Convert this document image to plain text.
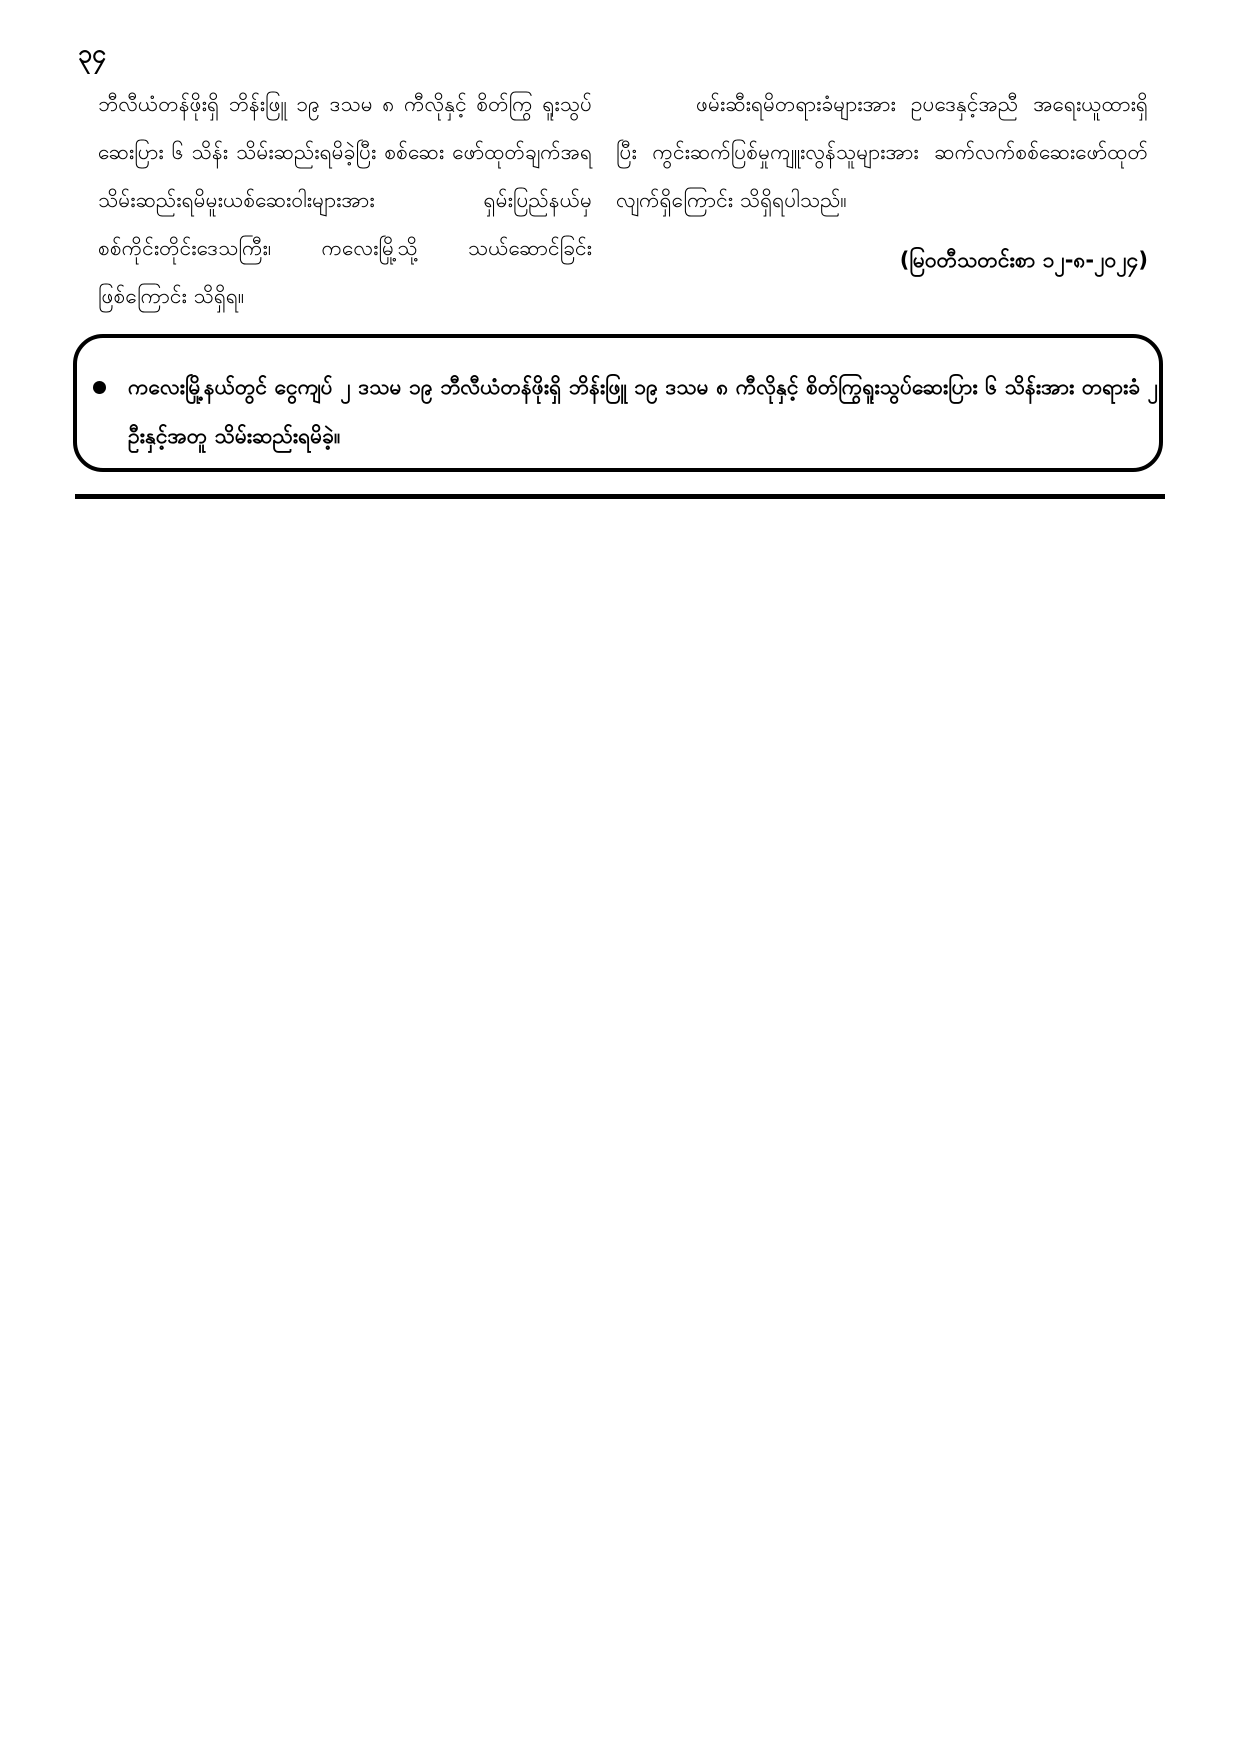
၃၄
ဘီလီယံတန်ဖိုးရှိ ဘိန်းဖြူ ၁၉ ဒသမ ၈ ကီလိုနှင့် စိတ်ကြွ ရူးသွပ်ဆေးပြား ၆ သိန်း သိမ်းဆည်းရမိခဲ့ပြီး စစ်ဆေး ဖော်ထုတ်ချက်အရ သိမ်းဆည်းရမိမူးယစ်ဆေးဝါးများအား ရှမ်းပြည်နယ်မှ စစ်ကိုင်းတိုင်းဒေသကြီး၊ ကလေးမြို့သို့ သယ်ဆောင်ခြင်းဖြစ်ကြောင်း သိရှိရ။
ဖမ်းဆီးရမိတရားခံများအား ဥပဒေနှင့်အညီ အရေးယူထားရှိပြီး ကွင်းဆက်ပြစ်မှုကျူးလွန်သူများအား ဆက်လက်စစ်ဆေးဖော်ထုတ်လျက်ရှိကြောင်း သိရှိရပါသည်။
(မြဝတီသတင်းစာ ၁၂-၈-၂၀၂၄)
ကလေးမြို့နယ်တွင် ငွေကျပ် ၂ ဒသမ ၁၉ ဘီလီယံတန်ဖိုးရှိ ဘိန်းဖြူ ၁၉ ဒသမ ၈ ကီလိုနှင့် စိတ်ကြွရူးသွပ်ဆေးပြား ၆ သိန်းအား တရားခံ ၂ ဦးနှင့်အတူ သိမ်းဆည်းရမိခဲ့။
